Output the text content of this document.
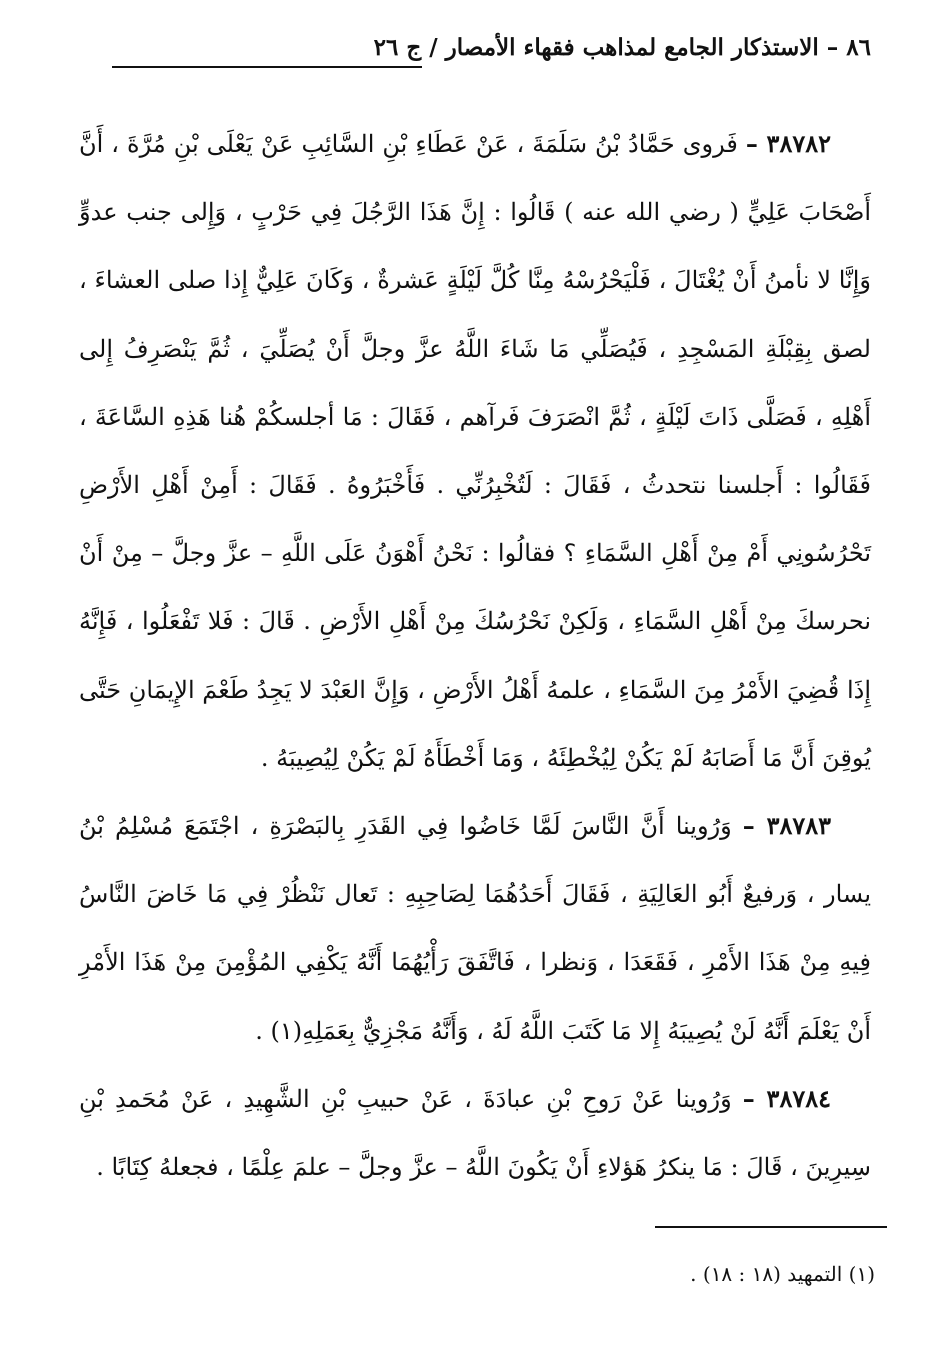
٨٦ – الاستذكار الجامع لمذاهب فقهاء الأمصار / ج ٢٦

٣٨٧٨٢ – فَروى حَمَّادُ بْنُ سَلَمَةَ ، عَنْ عَطَاءِ بْنِ السَّائِبِ عَنْ يَعْلَى بْنِ مُرَّةَ ، أَنَّ أَصْحَابَ عَلِيٍّ ( رضي الله عنه ) قَالُوا : إِنَّ هَذَا الرَّجُلَ فِي حَرْبٍ ، وَإِلى جنب عدوٍّ وَإِنَّا لا نأمنُ أَنْ يُغْتَالَ ، فَلْيَحْرُسْهُ مِنَّا كُلَّ لَيْلَةٍ عَشرةٌ ، وَكَانَ عَلِيٌّ إِذا صلى العشاءَ ، لصق بِقِبْلَةِ المَسْجِدِ ، فَيُصَلِّي مَا شَاءَ اللَّهُ عزَّ وجلَّ أَنْ يُصَلِّيَ ، ثُمَّ يَنْصَرِفُ إِلى أَهْلِهِ ، فَصَلَّى ذَاتَ لَيْلَةٍ ، ثُمَّ انْصَرَفَ فَرآهم ، فَقَالَ : مَا أجلسكُمْ هُنا هَذِهِ السَّاعَةَ ، فَقَالُوا : أَجلسنا نتحدثُ ، فَقَالَ : لَتُخْبِرُنِّي . فَأَخْبَرُوهُ . فَقَالَ : أَمِنْ أَهْلِ الأَرْضِ تَحْرُسُونِي أَمْ مِنْ أَهْلِ السَّمَاءِ ؟ فقالُوا : نَحْنُ أَهْوَنُ عَلَى اللَّهِ – عزَّ وجلَّ – مِنْ أَنْ نحرسكَ مِنْ أَهْلِ السَّمَاءِ ، وَلَكِنْ نَحْرُسُكَ مِنْ أَهْلِ الأَرْضِ . قَالَ : فَلا تَفْعَلُوا ، فَإِنَّهُ إِذَا قُضِيَ الأَمْرُ مِنَ السَّمَاءِ ، علمهُ أَهْلُ الأَرْضِ ، وَإِنَّ العَبْدَ لا يَجِدُ طَعْمَ الإِيمَانِ حَتَّى يُوقِنَ أَنَّ مَا أَصَابَهُ لَمْ يَكُنْ لِيُخْطِئَهُ ، وَمَا أَخْطَأَهُ لَمْ يَكُنْ لِيُصِيبَهُ .

٣٨٧٨٣ – وَرُوينا أَنَّ النَّاسَ لَمَّا خَاضُوا فِي القَدَرِ بِالبَصْرَةِ ، اجْتَمَعَ مُسْلِمُ بْنُ يسار ، وَرفيعٌ أَبُو العَالِيَةِ ، فَقَالَ أَحَدُهُمَا لِصَاحِبِهِ : تَعال نَنْظُرْ فِي مَا خَاضَ النَّاسُ فِيهِ مِنْ هَذَا الأَمْرِ ، فَقَعَدَا ، وَنظرا ، فَاتَّفَقَ رَأْيُهُمَا أَنَّهُ يَكْفِي المُؤْمِنَ مِنْ هَذَا الأَمْرِ أَنْ يَعْلَمَ أَنَّهُ لَنْ يُصِيبَهُ إِلا مَا كَتَبَ اللَّهُ لَهُ ، وَأَنَّهُ مَجْزِيٌّ بِعَمَلِهِ(١) .

٣٨٧٨٤ – وَرُوينا عَنْ رَوحِ بْنِ عبادَةَ ، عَنْ حبيبِ بْنِ الشَّهِيدِ ، عَنْ مُحَمدِ بْنِ سِيرِينَ ، قَالَ : مَا ينكرُ هَؤلاءِ أَنْ يَكُونَ اللَّهُ – عزَّ وجلَّ – علمَ عِلْمًا ، فجعلهُ كِتَابًا .

(١) التمهيد (١٨ : ١٨) .
